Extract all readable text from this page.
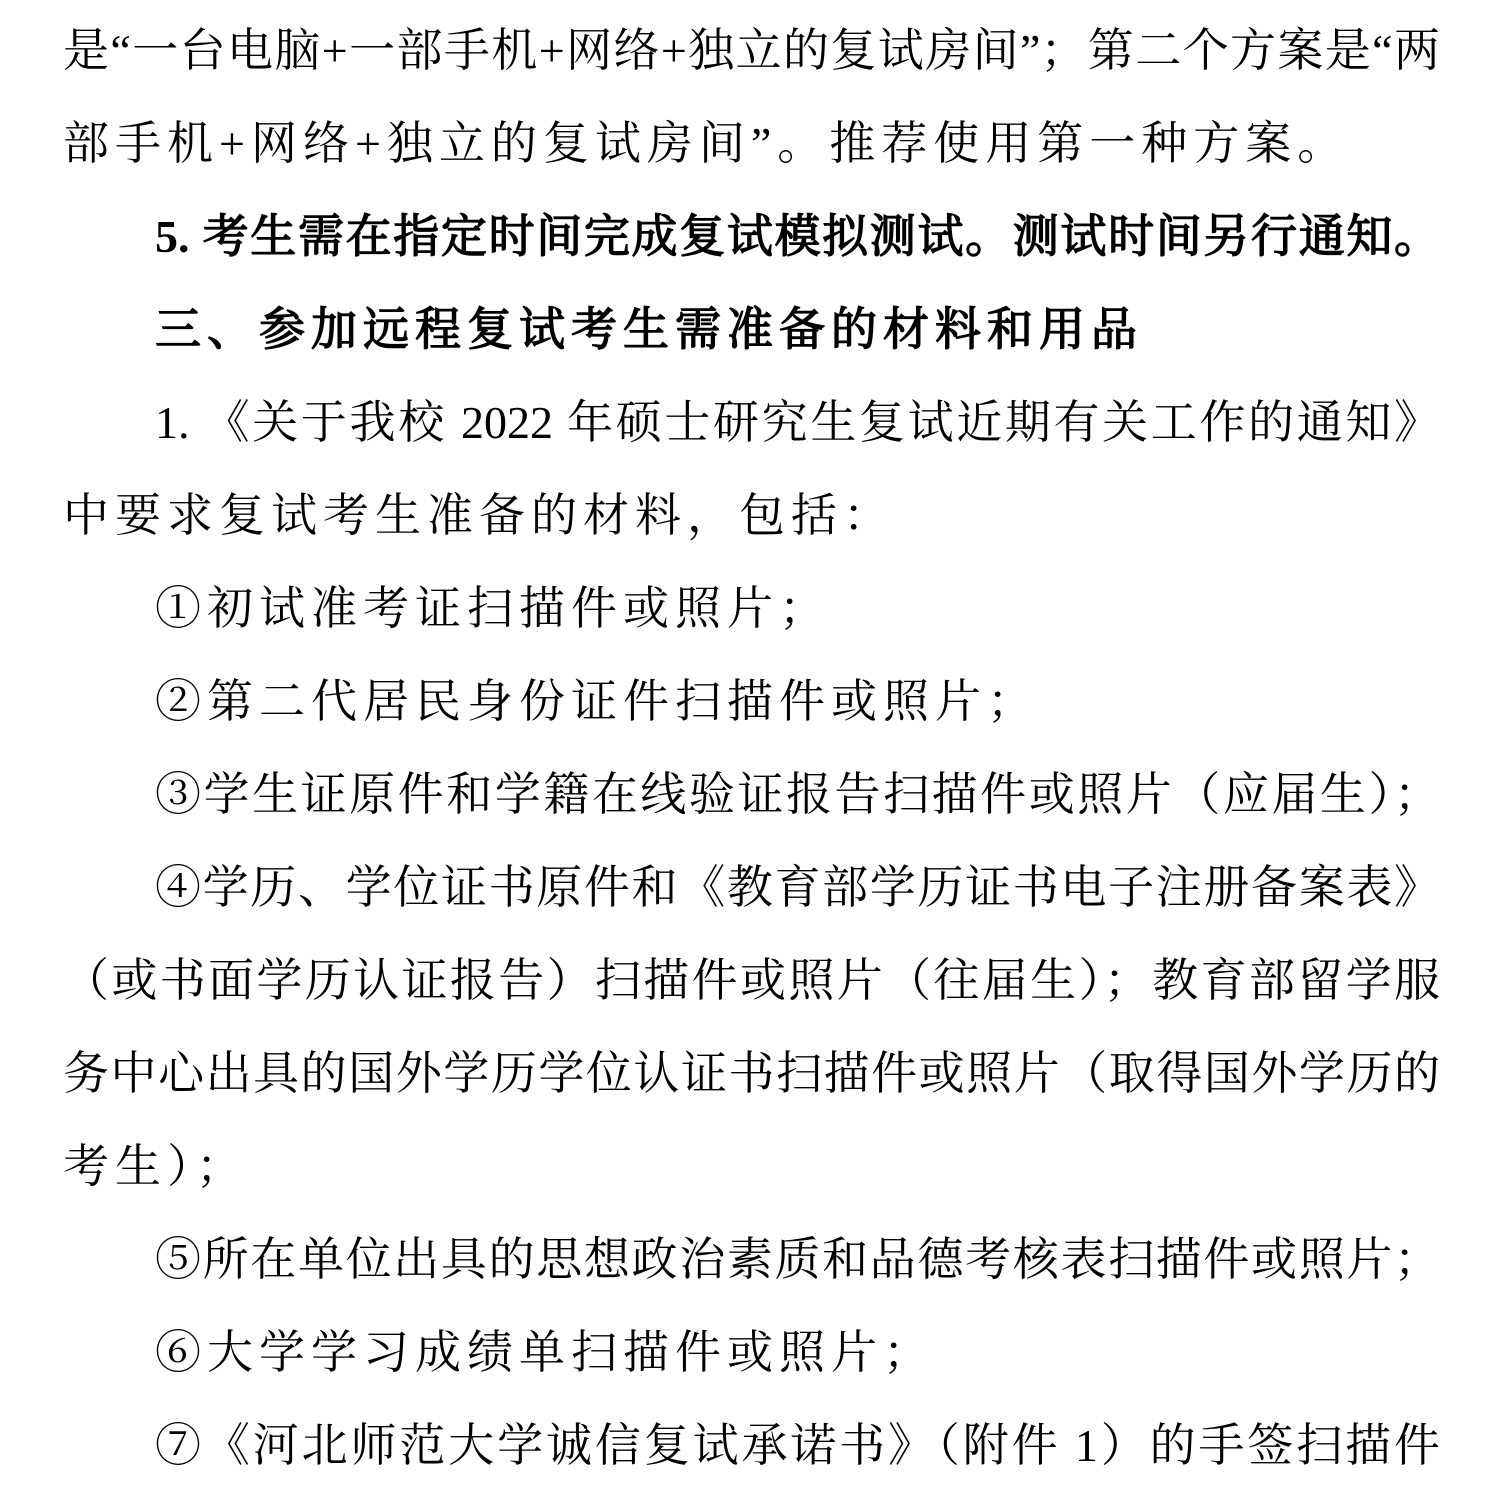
是“一台电脑+一部手机+网络+独立的复试房间”；第二个方案是“两
部手机+网络+独立的复试房间”。推荐使用第一种方案。
5. 考生需在指定时间完成复试模拟测试。测试时间另行通知。
三、参加远程复试考生需准备的材料和用品
1. 《关于我校 2022 年硕士研究生复试近期有关工作的通知》
中要求复试考生准备的材料，包括：
①初试准考证扫描件或照片；
②第二代居民身份证件扫描件或照片；
③学生证原件和学籍在线验证报告扫描件或照片（应届生）；
④学历、学位证书原件和《教育部学历证书电子注册备案表》
（或书面学历认证报告）扫描件或照片（往届生）；教育部留学服
务中心出具的国外学历学位认证书扫描件或照片（取得国外学历的
考生）；
⑤所在单位出具的思想政治素质和品德考核表扫描件或照片；
⑥大学学习成绩单扫描件或照片；
⑦《河北师范大学诚信复试承诺书》（附件 1）的手签扫描件
